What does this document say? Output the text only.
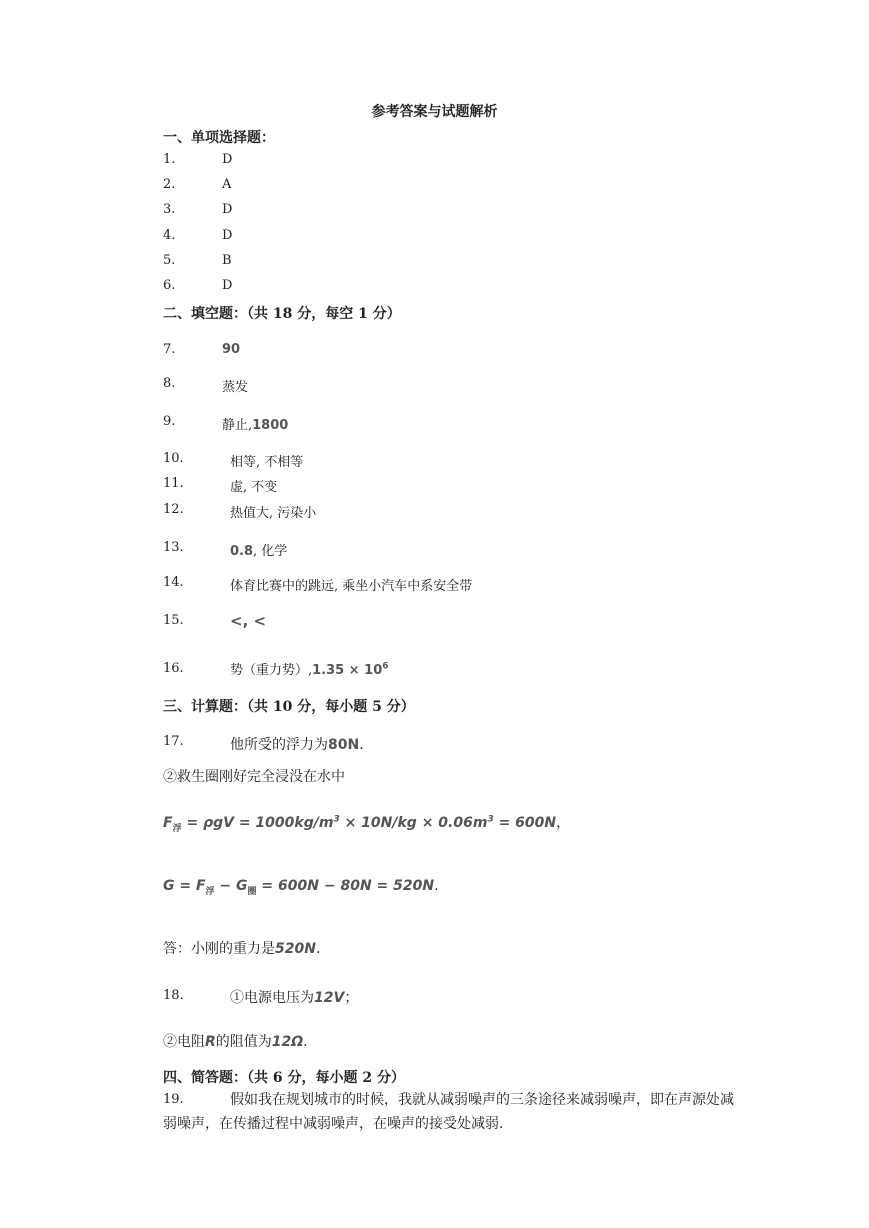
参考答案与试题解析
一、单项选择题：
1.	D
2.	A
3.	D
4.	D
5.	B
6.	D
二、填空题：（共 18 分，每空 1 分）
7.	90
8.	蒸发
9.	静止,1800
10.	相等, 不相等
11.	虚, 不变
12.	热值大, 污染小
13.	0.8, 化学
14.	体育比赛中的跳远, 乘坐小汽车中系安全带
15.	<, <
16.	势（重力势）$,1.35 \times 10^6$
三、计算题：（共 10 分，每小题 5 分）
17.	他所受的浮力为80N.
②救生圈刚好完全浸没在水中
$F_浮 = \rho gV = 1000kg/m^3 \times 10N/kg \times 0.06m^3 = 600N$，
$G = F_浮 - G_圈 = 600N - 80N = 520N$.
答：小刚的重力是520N.
18.	①电源电压为12V；
②电阻R的阻值为12Ω.
四、简答题：（共 6 分，每小题 2 分）
19.	假如我在规划城市的时候，我就从减弱噪声的三条途径来减弱噪声，即在声源处减弱噪声，在传播过程中减弱噪声，在噪声的接受处减弱.
